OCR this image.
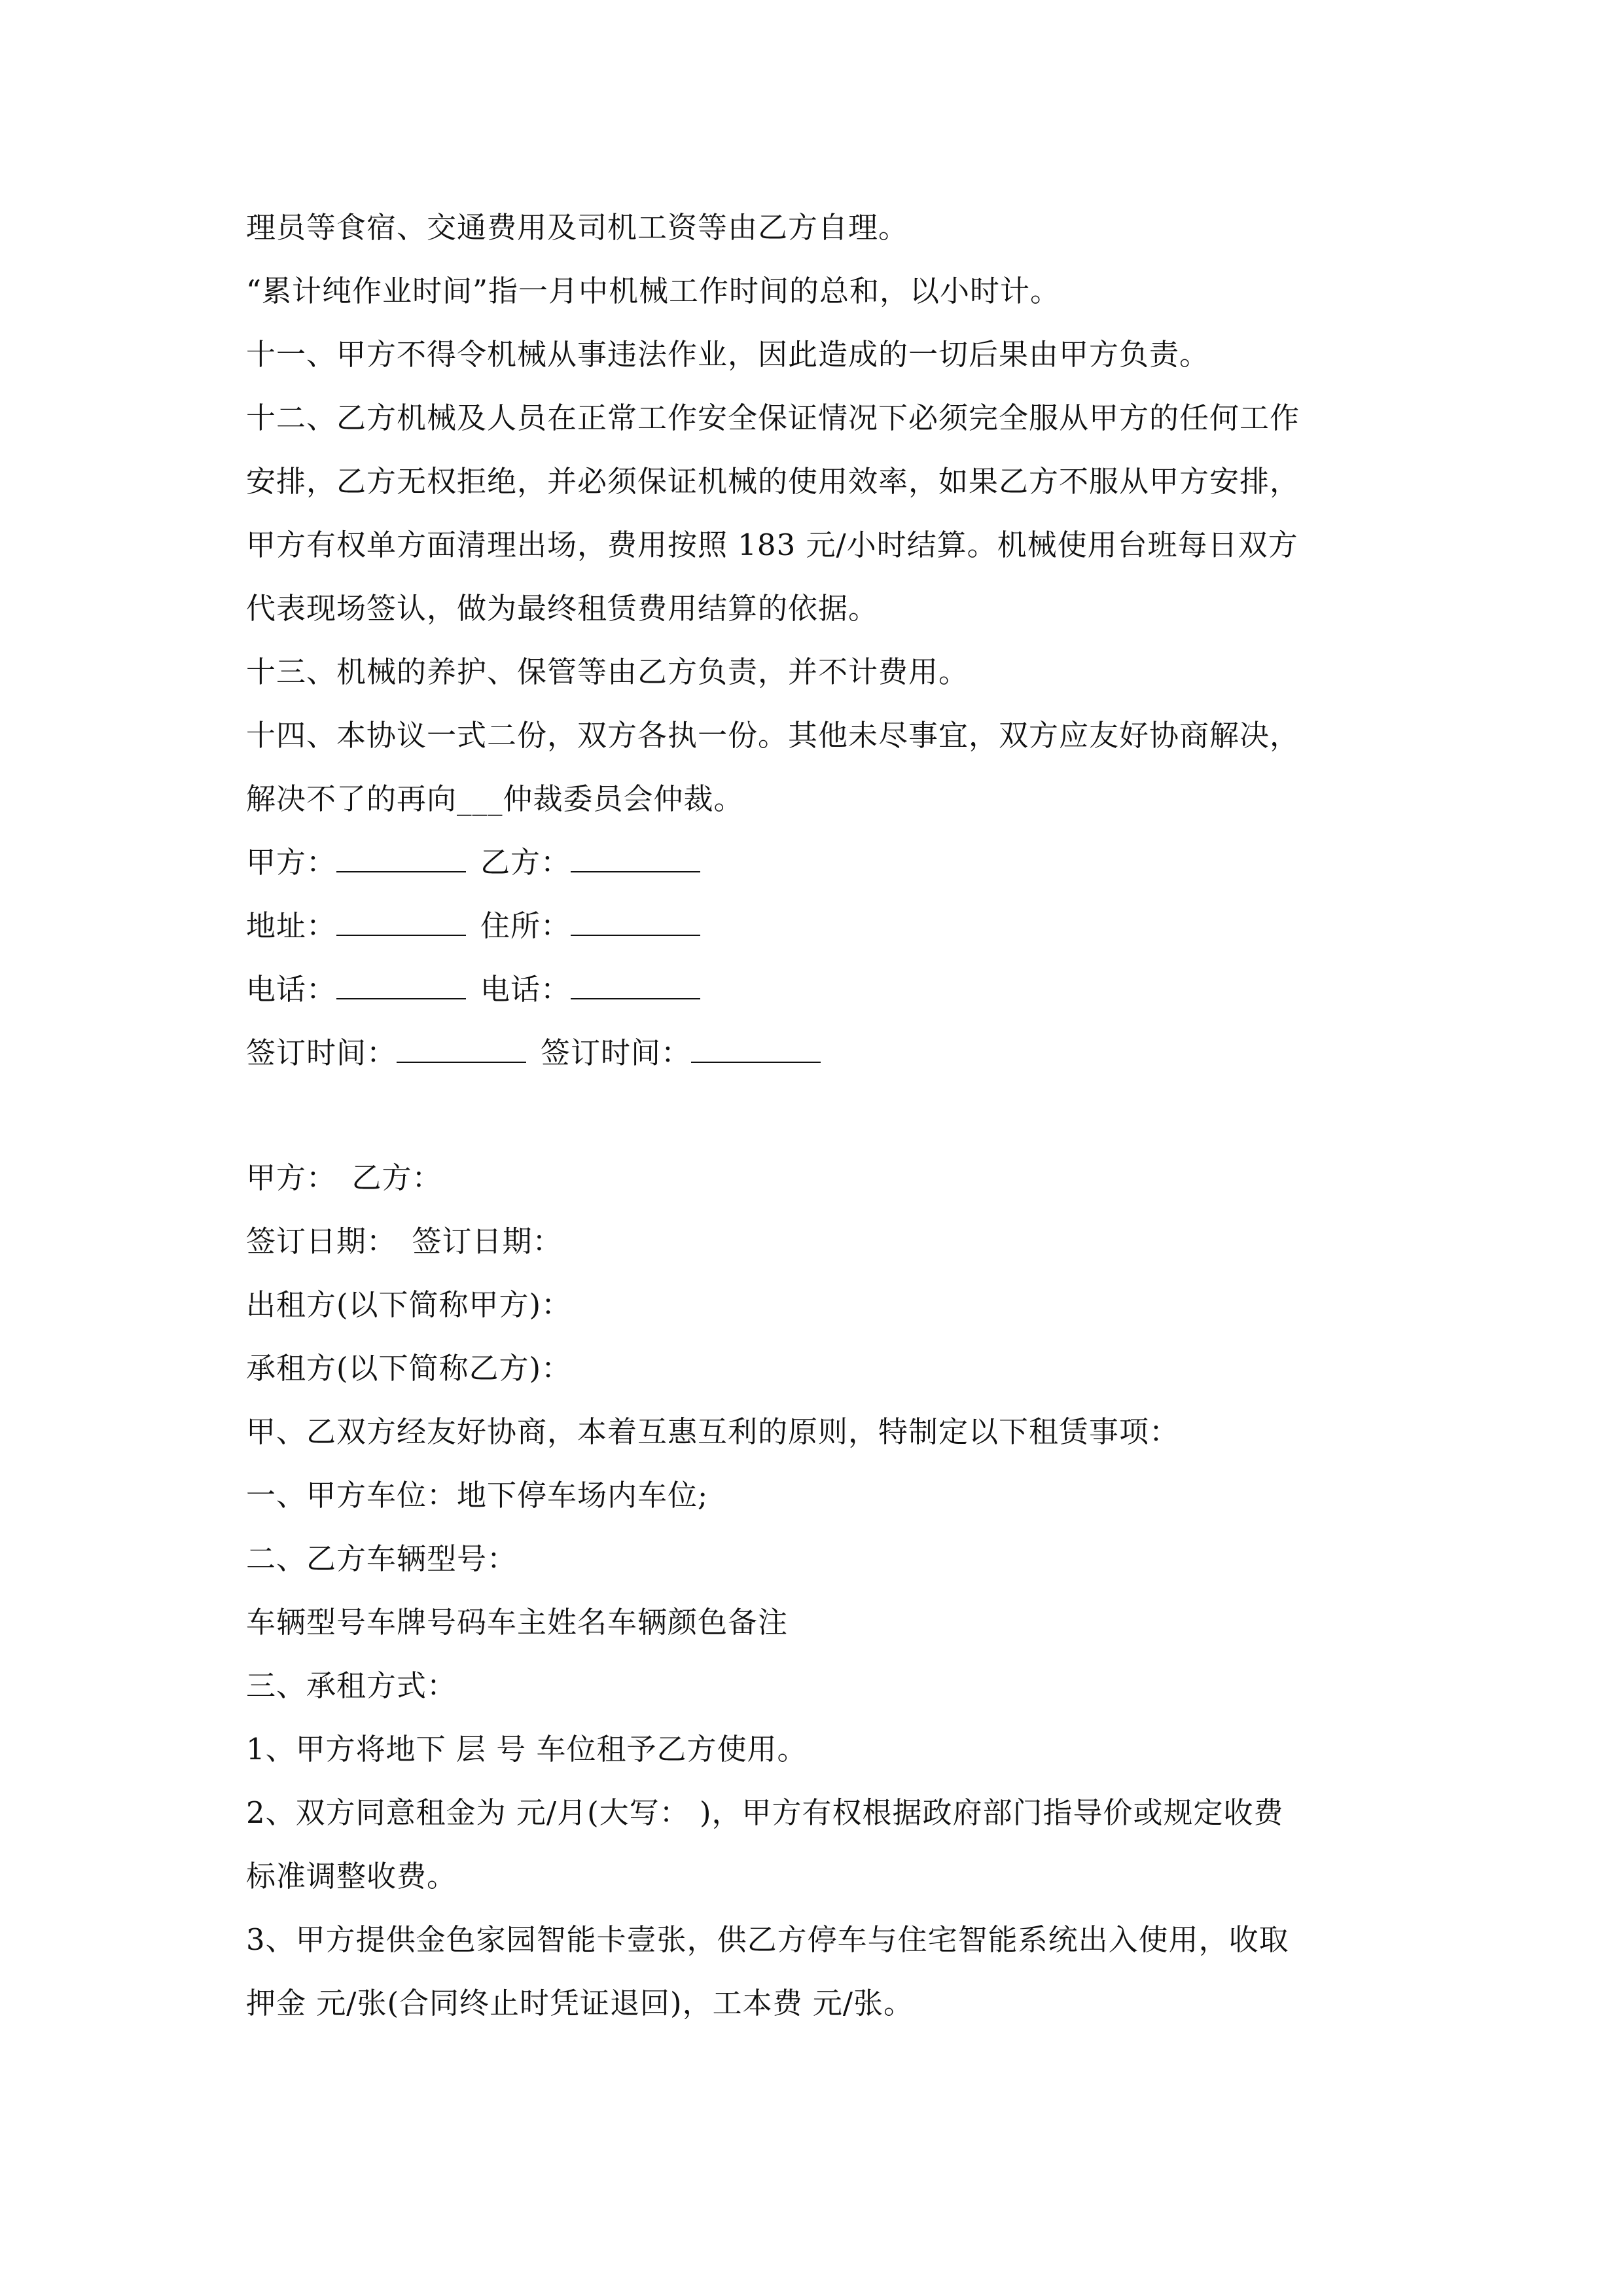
理员等食宿、交通费用及司机工资等由乙方自理。
“累计纯作业时间”指一月中机械工作时间的总和，以小时计。
十一、甲方不得令机械从事违法作业，因此造成的一切后果由甲方负责。
十二、乙方机械及人员在正常工作安全保证情况下必须完全服从甲方的任何工作
安排，乙方无权拒绝，并必须保证机械的使用效率，如果乙方不服从甲方安排，
甲方有权单方面清理出场，费用按照 183 元/小时结算。机械使用台班每日双方
代表现场签认，做为最终租赁费用结算的依据。
十三、机械的养护、保管等由乙方负责，并不计费用。
十四、本协议一式二份，双方各执一份。其他未尽事宜，双方应友好协商解决，
解决不了的再向___仲裁委员会仲裁。
甲方：	乙方：
地址：	住所：
电话：	电话：
签订时间：	签订时间：
甲方：　乙方：
签订日期：　签订日期：
出租方(以下简称甲方)：
承租方(以下简称乙方)：
甲、乙双方经友好协商，本着互惠互利的原则，特制定以下租赁事项：
一、甲方车位：地下停车场内车位;
二、乙方车辆型号：
车辆型号车牌号码车主姓名车辆颜色备注
三、承租方式：
1、甲方将地下 层 号 车位租予乙方使用。
2、双方同意租金为 元/月(大写： )，甲方有权根据政府部门指导价或规定收费
标准调整收费。
3、甲方提供金色家园智能卡壹张，供乙方停车与住宅智能系统出入使用，收取
押金 元/张(合同终止时凭证退回)，工本费 元/张。
